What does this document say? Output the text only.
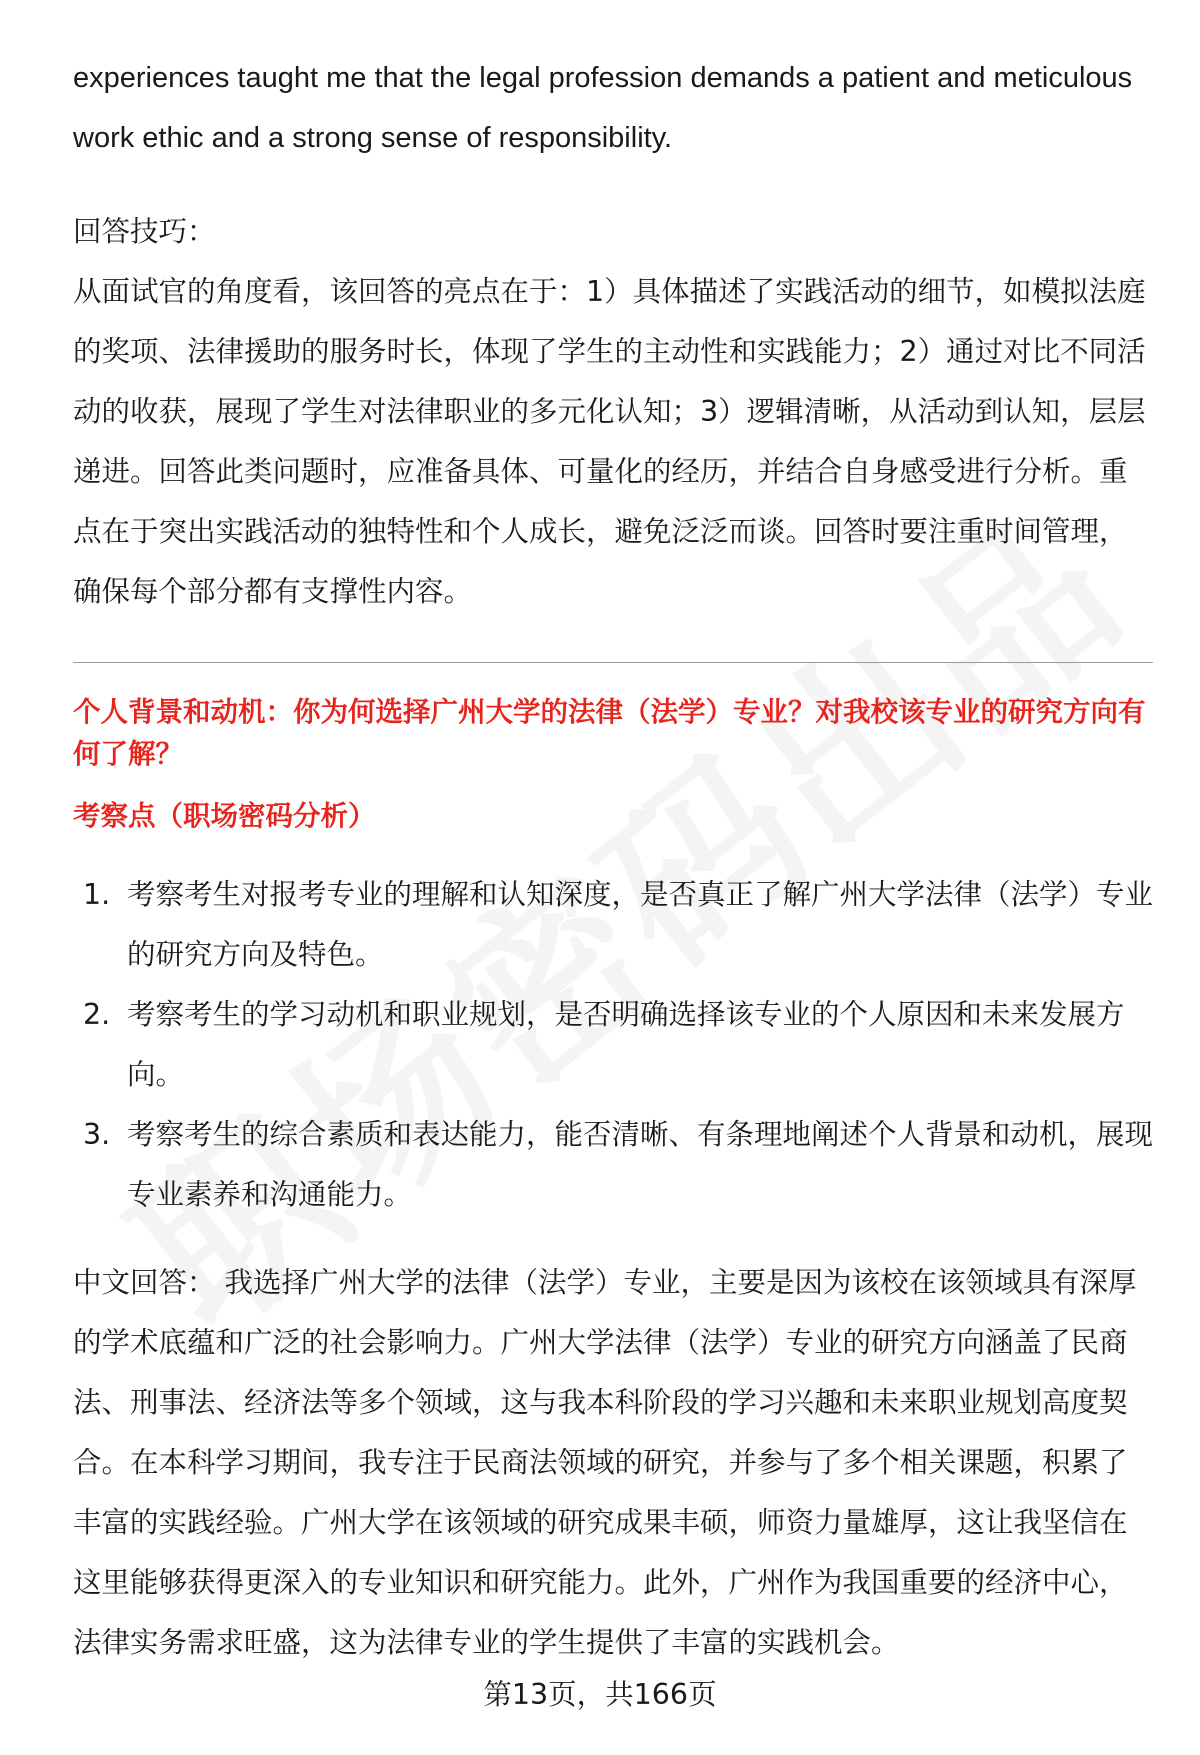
experiences taught me that the legal profession demands a patient and meticulous work ethic and a strong sense of responsibility.

回答技巧：

从面试官的角度看，该回答的亮点在于：1）具体描述了实践活动的细节，如模拟法庭的奖项、法律援助的服务时长，体现了学生的主动性和实践能力；2）通过对比不同活动的收获，展现了学生对法律职业的多元化认知；3）逻辑清晰，从活动到认知，层层递进。回答此类问题时，应准备具体、可量化的经历，并结合自身感受进行分析。重点在于突出实践活动的独特性和个人成长，避免泛泛而谈。回答时要注重时间管理，确保每个部分都有支撑性内容。

个人背景和动机：你为何选择广州大学的法律（法学）专业？对我校该专业的研究方向有何了解？
考察点（职场密码分析）
1. 考察考生对报考专业的理解和认知深度，是否真正了解广州大学法律（法学）专业的研究方向及特色。
2. 考察考生的学习动机和职业规划，是否明确选择该专业的个人原因和未来发展方向。
3. 考察考生的综合素质和表达能力，能否清晰、有条理地阐述个人背景和动机，展现专业素养和沟通能力。

中文回答： 我选择广州大学的法律（法学）专业，主要是因为该校在该领域具有深厚的学术底蕴和广泛的社会影响力。广州大学法律（法学）专业的研究方向涵盖了民商法、刑事法、经济法等多个领域，这与我本科阶段的学习兴趣和未来职业规划高度契合。在本科学习期间，我专注于民商法领域的研究，并参与了多个相关课题，积累了丰富的实践经验。广州大学在该领域的研究成果丰硕，师资力量雄厚，这让我坚信在这里能够获得更深入的专业知识和研究能力。此外，广州作为我国重要的经济中心，法律实务需求旺盛，这为法律专业的学生提供了丰富的实践机会。

第13页，共166页
